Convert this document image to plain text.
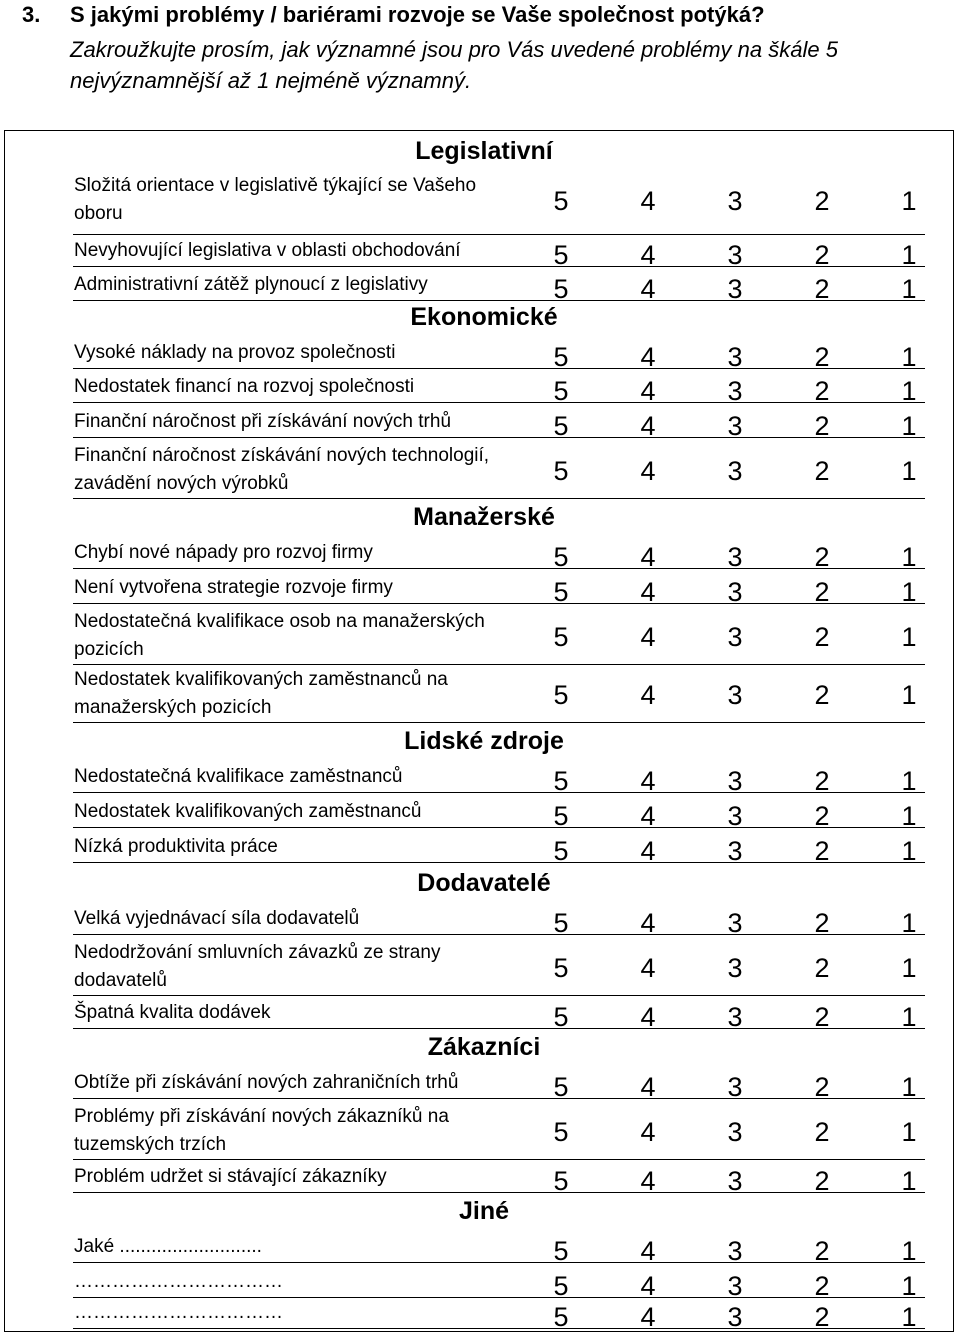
3. S jakými problémy / bariérami rozvoje se Vaše společnost potýká?
Zakroužkujte prosím, jak významné jsou pro Vás uvedené problémy na škále 5 nejvýznamnější až 1 nejméně významný.
Legislativní
Složitá orientace v legislativě týkající se Vašeho oboru	5	4	3	2	1
Nevyhovující legislativa v oblasti obchodování	5	4	3	2	1
Administrativní zátěž plynoucí z legislativy	5	4	3	2	1
Ekonomické
Vysoké náklady na provoz společnosti	5	4	3	2	1
Nedostatek financí na rozvoj společnosti	5	4	3	2	1
Finanční náročnost při získávání nových trhů	5	4	3	2	1
Finanční náročnost získávání nových technologií, zavádění nových výrobků	5	4	3	2	1
Manažerské
Chybí nové nápady pro rozvoj firmy	5	4	3	2	1
Není vytvořena strategie rozvoje firmy	5	4	3	2	1
Nedostatečná kvalifikace osob na manažerských pozicích	5	4	3	2	1
Nedostatek kvalifikovaných zaměstnanců na manažerských pozicích	5	4	3	2	1
Lidské zdroje
Nedostatečná kvalifikace zaměstnanců	5	4	3	2	1
Nedostatek kvalifikovaných zaměstnanců	5	4	3	2	1
Nízká produktivita práce	5	4	3	2	1
Dodavatelé
Velká vyjednávací síla dodavatelů	5	4	3	2	1
Nedodržování smluvních závazků ze strany dodavatelů	5	4	3	2	1
Špatná kvalita dodávek	5	4	3	2	1
Zákazníci
Obtíže při získávání nových zahraničních trhů	5	4	3	2	1
Problémy při získávání nových zákazníků na tuzemských trzích	5	4	3	2	1
Problém udržet si stávající zákazníky	5	4	3	2	1
Jiné
Jaké ...........................	5	4	3	2	1
……………………………	5	4	3	2	1
……………………………	5	4	3	2	1
